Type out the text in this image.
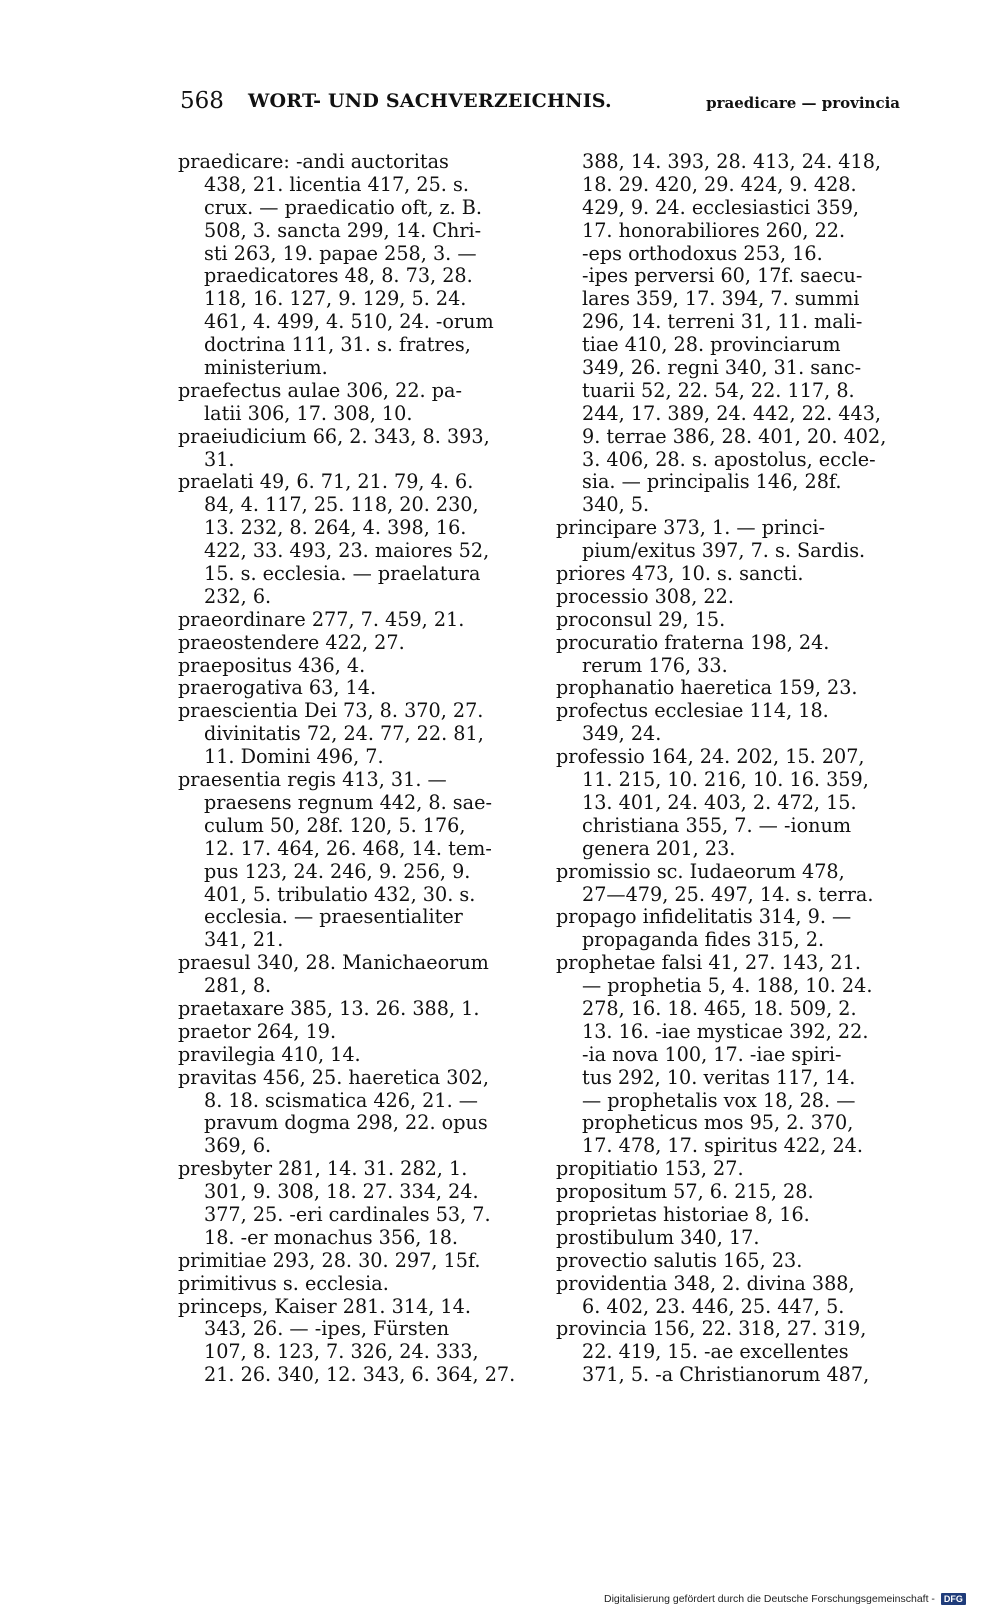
568 WORT- UND SACHVERZEICHNIS.	praedicare — provincia
praedicare: -andi auctoritas
438, 21. licentia 417, 25. s.
crux. — praedicatio oft, z. B.
508, 3. sancta 299, 14. Chri-
sti 263, 19. papae 258, 3. —
praedicatores 48, 8. 73, 28.
118, 16. 127, 9. 129, 5. 24.
461, 4. 499, 4. 510, 24. -orum
doctrina 111, 31. s. fratres,
ministerium.
praefectus aulae 306, 22. pa-
latii 306, 17. 308, 10.
praeiudicium 66, 2. 343, 8. 393,
31.
praelati 49, 6. 71, 21. 79, 4. 6.
84, 4. 117, 25. 118, 20. 230,
13. 232, 8. 264, 4. 398, 16.
422, 33. 493, 23. maiores 52,
15. s. ecclesia. — praelatura
232, 6.
praeordinare 277, 7. 459, 21.
praeostendere 422, 27.
praepositus 436, 4.
praerogativa 63, 14.
praescientia Dei 73, 8. 370, 27.
divinitatis 72, 24. 77, 22. 81,
11. Domini 496, 7.
praesentia regis 413, 31. —
praesens regnum 442, 8. sae-
culum 50, 28f. 120, 5. 176,
12. 17. 464, 26. 468, 14. tem-
pus 123, 24. 246, 9. 256, 9.
401, 5. tribulatio 432, 30. s.
ecclesia. — praesentialiter
341, 21.
praesul 340, 28. Manichaeorum
281, 8.
praetaxare 385, 13. 26. 388, 1.
praetor 264, 19.
pravilegia 410, 14.
pravitas 456, 25. haeretica 302,
8. 18. scismatica 426, 21. —
pravum dogma 298, 22. opus
369, 6.
presbyter 281, 14. 31. 282, 1.
301, 9. 308, 18. 27. 334, 24.
377, 25. -eri cardinales 53, 7.
18. -er monachus 356, 18.
primitiae 293, 28. 30. 297, 15f.
primitivus s. ecclesia.
princeps, Kaiser 281. 314, 14.
343, 26. — -ipes, Fürsten
107, 8. 123, 7. 326, 24. 333,
21. 26. 340, 12. 343, 6. 364, 27.
388, 14. 393, 28. 413, 24. 418,
18. 29. 420, 29. 424, 9. 428.
429, 9. 24. ecclesiastici 359,
17. honorabiliores 260, 22.
-eps orthodoxus 253, 16.
-ipes perversi 60, 17f. saecu-
lares 359, 17. 394, 7. summi
296, 14. terreni 31, 11. mali-
tiae 410, 28. provinciarum
349, 26. regni 340, 31. sanc-
tuarii 52, 22. 54, 22. 117, 8.
244, 17. 389, 24. 442, 22. 443,
9. terrae 386, 28. 401, 20. 402,
3. 406, 28. s. apostolus, eccle-
sia. — principalis 146, 28f.
340, 5.
principare 373, 1. — princi-
pium/exitus 397, 7. s. Sardis.
priores 473, 10. s. sancti.
processio 308, 22.
proconsul 29, 15.
procuratio fraterna 198, 24.
rerum 176, 33.
prophanatio haeretica 159, 23.
profectus ecclesiae 114, 18.
349, 24.
professio 164, 24. 202, 15. 207,
11. 215, 10. 216, 10. 16. 359,
13. 401, 24. 403, 2. 472, 15.
christiana 355, 7. — -ionum
genera 201, 23.
promissio sc. Iudaeorum 478,
27—479, 25. 497, 14. s. terra.
propago infidelitatis 314, 9. —
propaganda fides 315, 2.
prophetae falsi 41, 27. 143, 21.
— prophetia 5, 4. 188, 10. 24.
278, 16. 18. 465, 18. 509, 2.
13. 16. -iae mysticae 392, 22.
-ia nova 100, 17. -iae spiri-
tus 292, 10. veritas 117, 14.
— prophetalis vox 18, 28. —
propheticus mos 95, 2. 370,
17. 478, 17. spiritus 422, 24.
propitiatio 153, 27.
propositum 57, 6. 215, 28.
proprietas historiae 8, 16.
prostibulum 340, 17.
provectio salutis 165, 23.
providentia 348, 2. divina 388,
6. 402, 23. 446, 25. 447, 5.
provincia 156, 22. 318, 27. 319,
22. 419, 15. -ae excellentes
371, 5. -a Christianorum 487,
Digitalisierung gefördert durch die Deutsche Forschungsgemeinschaft - DFG
